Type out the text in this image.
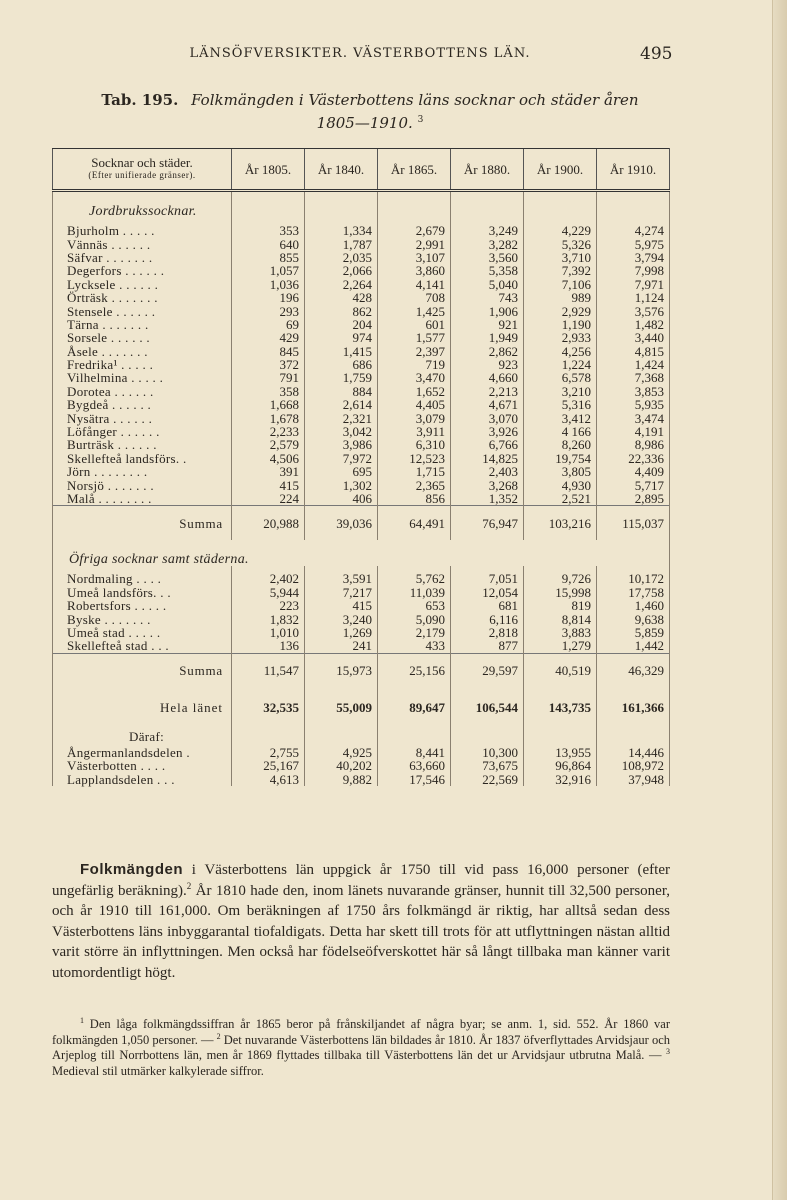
LÄNSÖFVERSIKTER. VÄSTERBOTTENS LÄN.	495
Tab. 195. Folkmängden i Västerbottens läns socknar och städer åren 1805—1910. $^3$
Socknar och städer.
(Efter unifierade gränser).	År 1805.	År 1840.	År 1865.	År 1880.	År 1900.	År 1910.
Jordbrukssocknar.						
Bjurholm . . . . .	353	1,334	2,679	3,249	4,229	4,274
Vännäs . . . . . .	640	1,787	2,991	3,282	5,326	5,975
Säfvar . . . . . . .	855	2,035	3,107	3,560	3,710	3,794
Degerfors . . . . . .	1,057	2,066	3,860	5,358	7,392	7,998
Lycksele . . . . . .	1,036	2,264	4,141	5,040	7,106	7,971
Örträsk . . . . . . .	196	428	708	743	989	1,124
Stensele . . . . . .	293	862	1,425	1,906	2,929	3,576
Tärna . . . . . . .	69	204	601	921	1,190	1,482
Sorsele . . . . . .	429	974	1,577	1,949	2,933	3,440
Åsele . . . . . . .	845	1,415	2,397	2,862	4,256	4,815
Fredrika¹ . . . . .	372	686	719	923	1,224	1,424
Vilhelmina . . . . .	791	1,759	3,470	4,660	6,578	7,368
Dorotea . . . . . .	358	884	1,652	2,213	3,210	3,853
Bygdeå . . . . . .	1,668	2,614	4,405	4,671	5,316	5,935
Nysätra . . . . . .	1,678	2,321	3,079	3,070	3,412	3,474
Löfånger . . . . . .	2,233	3,042	3,911	3,926	4 166	4,191
Burträsk . . . . . .	2,579	3,986	6,310	6,766	8,260	8,986
Skellefteå landsförs. .	4,506	7,972	12,523	14,825	19,754	22,336
Jörn . . . . . . . .	391	695	1,715	2,403	3,805	4,409
Norsjö . . . . . . .	415	1,302	2,365	3,268	4,930	5,717
Malå . . . . . . . .	224	406	856	1,352	2,521	2,895
Summa	20,988	39,036	64,491	76,947	103,216	115,037
Öfriga socknar samt städerna.						
Nordmaling . . . .	2,402	3,591	5,762	7,051	9,726	10,172
Umeå landsförs. . .	5,944	7,217	11,039	12,054	15,998	17,758
Robertsfors . . . . .	223	415	653	681	819	1,460
Byske . . . . . . .	1,832	3,240	5,090	6,116	8,814	9,638
Umeå stad . . . . .	1,010	1,269	2,179	2,818	3,883	5,859
Skellefteå stad . . .	136	241	433	877	1,279	1,442
Summa	11,547	15,973	25,156	29,597	40,519	46,329
Hela länet	32,535	55,009	89,647	106,544	143,735	161,366
Däraf:						
Ångermanlandsdelen .	2,755	4,925	8,441	10,300	13,955	14,446
Västerbotten . . . .	25,167	40,202	63,660	73,675	96,864	108,972
Lapplandsdelen . . .	4,613	9,882	17,546	22,569	32,916	37,948
Folkmängden i Västerbottens län uppgick år 1750 till vid pass 16,000 personer (efter ungefärlig beräkning).$^2$ År 1810 hade den, inom länets nuvarande gränser, hunnit till 32,500 personer, och år 1910 till 161,000. Om beräkningen af 1750 års folkmängd är riktig, har alltså sedan dess Västerbottens läns inbyggarantal tiofaldigats. Detta har skett till trots för att utflyttningen nästan alltid varit större än inflyttningen. Men också har födelseöfverskottet här så långt tillbaka man känner varit utomordentligt högt.
$^1$ Den låga folkmängdssiffran år 1865 beror på frånskiljandet af några byar; se anm. 1, sid. 552. År 1860 var folkmängden 1,050 personer. — $^2$ Det nuvarande Västerbottens län bildades år 1810. År 1837 öfverflyttades Arvidsjaur och Arjeplog till Norrbottens län, men år 1869 flyttades tillbaka till Västerbottens län det ur Arvidsjaur utbrutna Malå. — $^3$ Medieval stil utmärker kalkylerade siffror.
